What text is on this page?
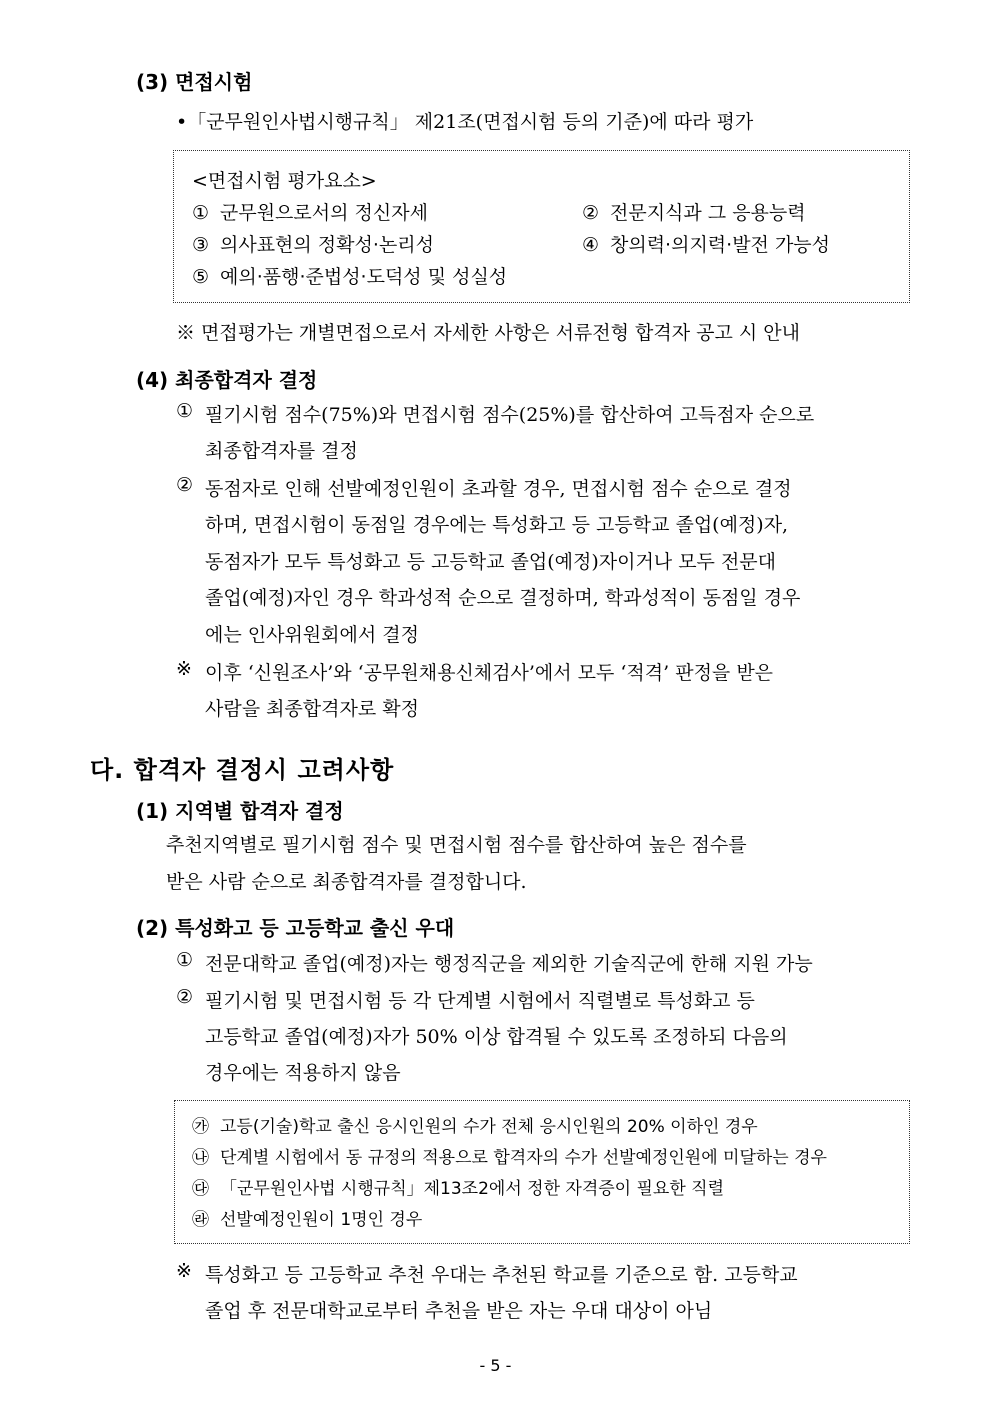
(3) 면접시험
•「군무원인사법시행규칙」 제21조(면접시험 등의 기준)에 따라 평가
<면접시험 평가요소>
① 군무원으로서의 정신자세	② 전문지식과 그 응용능력
③ 의사표현의 정확성·논리성	④ 창의력·의지력·발전 가능성
⑤ 예의·품행·준법성·도덕성 및 성실성
※ 면접평가는 개별면접으로서 자세한 사항은 서류전형 합격자 공고 시 안내
(4) 최종합격자 결정
① 필기시험 점수(75%)와 면접시험 점수(25%)를 합산하여 고득점자 순으로
최종합격자를 결정
② 동점자로 인해 선발예정인원이 초과할 경우, 면접시험 점수 순으로 결정
하며, 면접시험이 동점일 경우에는 특성화고 등 고등학교 졸업(예정)자,
동점자가 모두 특성화고 등 고등학교 졸업(예정)자이거나 모두 전문대
졸업(예정)자인 경우 학과성적 순으로 결정하며, 학과성적이 동점일 경우
에는 인사위원회에서 결정
※ 이후 ‘신원조사’와 ‘공무원채용신체검사’에서 모두 ‘적격’ 판정을 받은
사람을 최종합격자로 확정
다. 합격자 결정시 고려사항
(1) 지역별 합격자 결정
추천지역별로 필기시험 점수 및 면접시험 점수를 합산하여 높은 점수를
받은 사람 순으로 최종합격자를 결정합니다.
(2) 특성화고 등 고등학교 출신 우대
① 전문대학교 졸업(예정)자는 행정직군을 제외한 기술직군에 한해 지원 가능
② 필기시험 및 면접시험 등 각 단계별 시험에서 직렬별로 특성화고 등
고등학교 졸업(예정)자가 50% 이상 합격될 수 있도록 조정하되 다음의
경우에는 적용하지 않음
㉮ 고등(기술)학교 출신 응시인원의 수가 전체 응시인원의 20% 이하인 경우
㉯ 단계별 시험에서 동 규정의 적용으로 합격자의 수가 선발예정인원에 미달하는 경우
㉰ 「군무원인사법 시행규칙」제13조2에서 정한 자격증이 필요한 직렬
㉱ 선발예정인원이 1명인 경우
※ 특성화고 등 고등학교 추천 우대는 추천된 학교를 기준으로 함. 고등학교
졸업 후 전문대학교로부터 추천을 받은 자는 우대 대상이 아님
- 5 -
